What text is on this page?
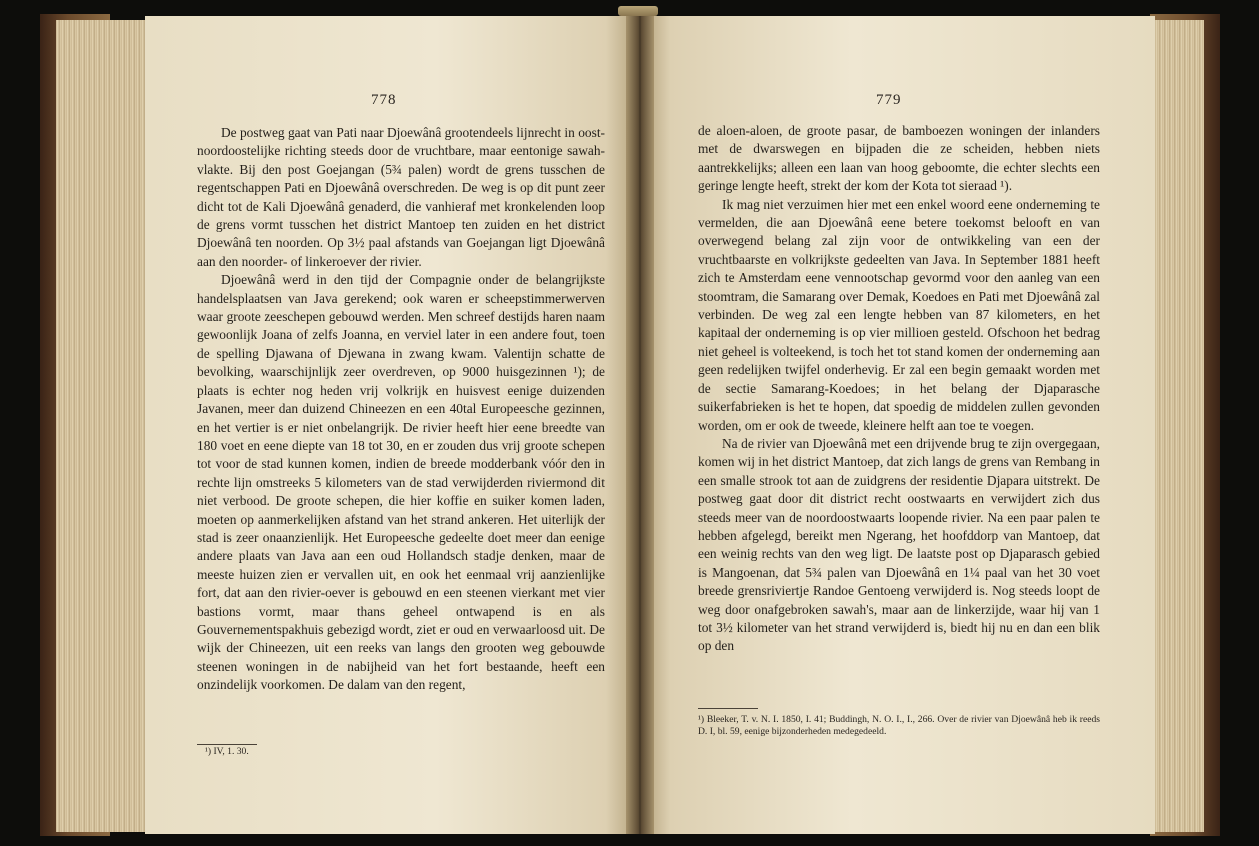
778

De postweg gaat van Pati naar Djoewânâ grootendeels lijnrecht in oost-noordoostelijke richting steeds door de vruchtbare, maar eentonige sawah-vlakte. Bij den post Goejangan (5¾ palen) wordt de grens tusschen de regentschappen Pati en Djoewânâ overschreden. De weg is op dit punt zeer dicht tot de Kali Djoewânâ genaderd, die vanhieraf met kronkelenden loop de grens vormt tusschen het district Mantoep ten zuiden en het district Djoewânâ ten noorden. Op 3½ paal afstands van Goejangan ligt Djoewânâ aan den noorder- of linkeroever der rivier.

Djoewânâ werd in den tijd der Compagnie onder de belangrijkste handelsplaatsen van Java gerekend; ook waren er scheepstimmerwerven waar groote zeeschepen gebouwd werden. Men schreef destijds haren naam gewoonlijk Joana of zelfs Joanna, en verviel later in een andere fout, toen de spelling Djawana of Djewana in zwang kwam. Valentijn schatte de bevolking, waarschijnlijk zeer overdreven, op 9000 huisgezinnen ¹); de plaats is echter nog heden vrij volkrijk en huisvest eenige duizenden Javanen, meer dan duizend Chineezen en een 40tal Europeesche gezinnen, en het vertier is er niet onbelangrijk. De rivier heeft hier eene breedte van 180 voet en eene diepte van 18 tot 30, en er zouden dus vrij groote schepen tot voor de stad kunnen komen, indien de breede modderbank vóór den in rechte lijn omstreeks 5 kilometers van de stad verwijderden riviermond dit niet verbood. De groote schepen, die hier koffie en suiker komen laden, moeten op aanmerkelijken afstand van het strand ankeren. Het uiterlijk der stad is zeer onaanzienlijk. Het Europeesche gedeelte doet meer dan eenige andere plaats van Java aan een oud Hollandsch stadje denken, maar de meeste huizen zien er vervallen uit, en ook het eenmaal vrij aanzienlijke fort, dat aan den rivier-oever is gebouwd en een steenen vierkant met vier bastions vormt, maar thans geheel ontwapend is en als Gouvernementspakhuis gebezigd wordt, ziet er oud en verwaarloosd uit. De wijk der Chineezen, uit een reeks van langs den grooten weg gebouwde steenen woningen in de nabijheid van het fort bestaande, heeft een onzindelijk voorkomen. De dalam van den regent,

¹) IV, 1. 30.

779

de aloen-aloen, de groote pasar, de bamboezen woningen der inlanders met de dwarswegen en bijpaden die ze scheiden, hebben niets aantrekkelijks; alleen een laan van hoog geboomte, die echter slechts een geringe lengte heeft, strekt der kom der Kota tot sieraad ¹).

Ik mag niet verzuimen hier met een enkel woord eene onderneming te vermelden, die aan Djoewânâ eene betere toekomst belooft en van overwegend belang zal zijn voor de ontwikkeling van een der vruchtbaarste en volkrijkste gedeelten van Java. In September 1881 heeft zich te Amsterdam eene vennootschap gevormd voor den aanleg van een stoomtram, die Samarang over Demak, Koedoes en Pati met Djoewânâ zal verbinden. De weg zal een lengte hebben van 87 kilometers, en het kapitaal der onderneming is op vier millioen gesteld. Ofschoon het bedrag niet geheel is volteekend, is toch het tot stand komen der onderneming aan geen redelijken twijfel onderhevig. Er zal een begin gemaakt worden met de sectie Samarang-Koedoes; in het belang der Djaparasche suikerfabrieken is het te hopen, dat spoedig de middelen zullen gevonden worden, om er ook de tweede, kleinere helft aan toe te voegen.

Na de rivier van Djoewânâ met een drijvende brug te zijn overgegaan, komen wij in het district Mantoep, dat zich langs de grens van Rembang in een smalle strook tot aan de zuidgrens der residentie Djapara uitstrekt. De postweg gaat door dit district recht oostwaarts en verwijdert zich dus steeds meer van de noordoostwaarts loopende rivier. Na een paar palen te hebben afgelegd, bereikt men Ngerang, het hoofddorp van Mantoep, dat een weinig rechts van den weg ligt. De laatste post op Djaparasch gebied is Mangoenan, dat 5¾ palen van Djoewânâ en 1¼ paal van het 30 voet breede grensriviertje Randoe Gentoeng verwijderd is. Nog steeds loopt de weg door onafgebroken sawah's, maar aan de linkerzijde, waar hij van 1 tot 3½ kilometer van het strand verwijderd is, biedt hij nu en dan een blik op den

¹) Bleeker, T. v. N. I. 1850, I. 41; Buddingh, N. O. I., I., 266. Over de rivier van Djoewânâ heb ik reeds D. I, bl. 59, eenige bijzonderheden medegedeeld.
